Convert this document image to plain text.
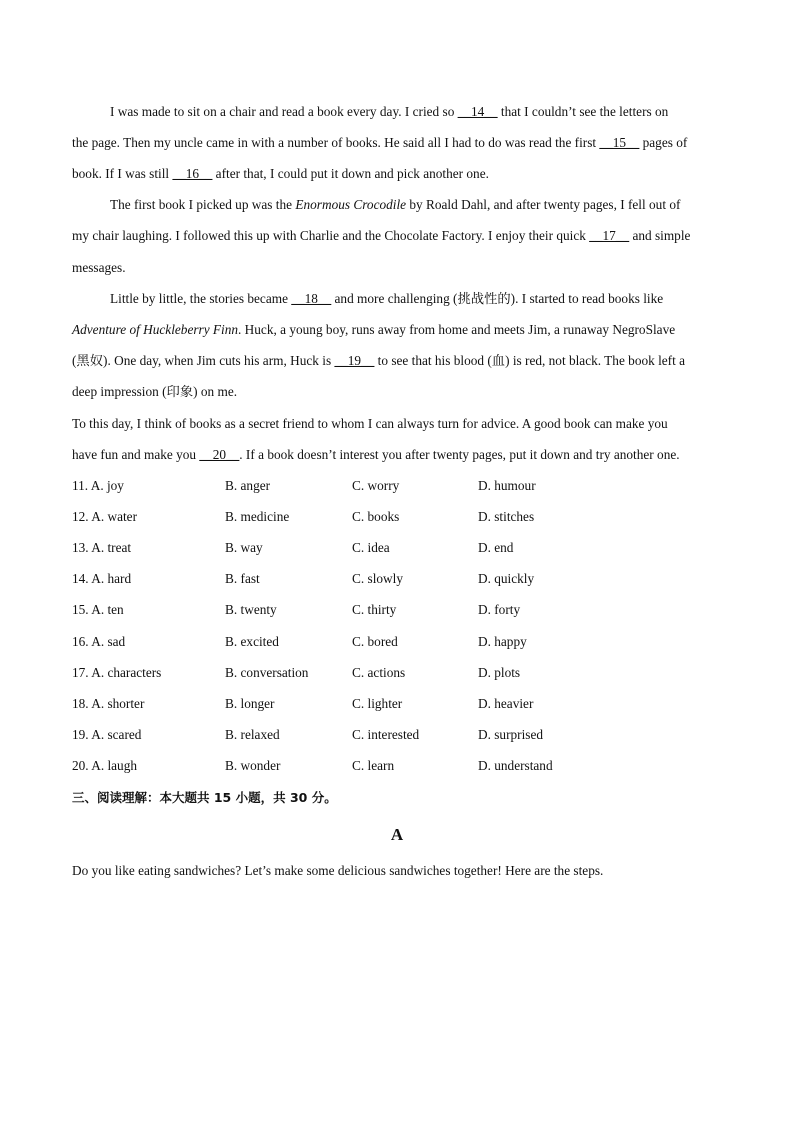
I was made to sit on a chair and read a book every day. I cried so __14__ that I couldn’t see the letters on
the page. Then my uncle came in with a number of books. He said all I had to do was read the first __15__ pages of
book. If I was still __16__ after that, I could put it down and pick another one.
The first book I picked up was the Enormous Crocodile by Roald Dahl, and after twenty pages, I fell out of
my chair laughing. I followed this up with Charlie and the Chocolate Factory. I enjoy their quick __17__ and simple
messages.
Little by little, the stories became __18__ and more challenging (挑战性的). I started to read books like
Adventure of Huckleberry Finn. Huck, a young boy, runs away from home and meets Jim, a runaway NegroSlave
(黑奴). One day, when Jim cuts his arm, Huck is __19__ to see that his blood (血) is red, not black. The book left a
deep impression (印象) on me.
To this day, I think of books as a secret friend to whom I can always turn for advice. A good book can make you
have fun and make you __20__. If a book doesn’t interest you after twenty pages, put it down and try another one.
11. A. joy	B. anger	C. worry	D. humour
12. A. water	B. medicine	C. books	D. stitches
13. A. treat	B. way	C. idea	D. end
14. A. hard	B. fast	C. slowly	D. quickly
15. A. ten	B. twenty	C. thirty	D. forty
16. A. sad	B. excited	C. bored	D. happy
17. A. characters	B. conversation	C. actions	D. plots
18. A. shorter	B. longer	C. lighter	D. heavier
19. A. scared	B. relaxed	C. interested	D. surprised
20. A. laugh	B. wonder	C. learn	D. understand
三、阅读理解：本大题共 15 小题，共 30 分。
A
Do you like eating sandwiches? Let’s make some delicious sandwiches together! Here are the steps.
